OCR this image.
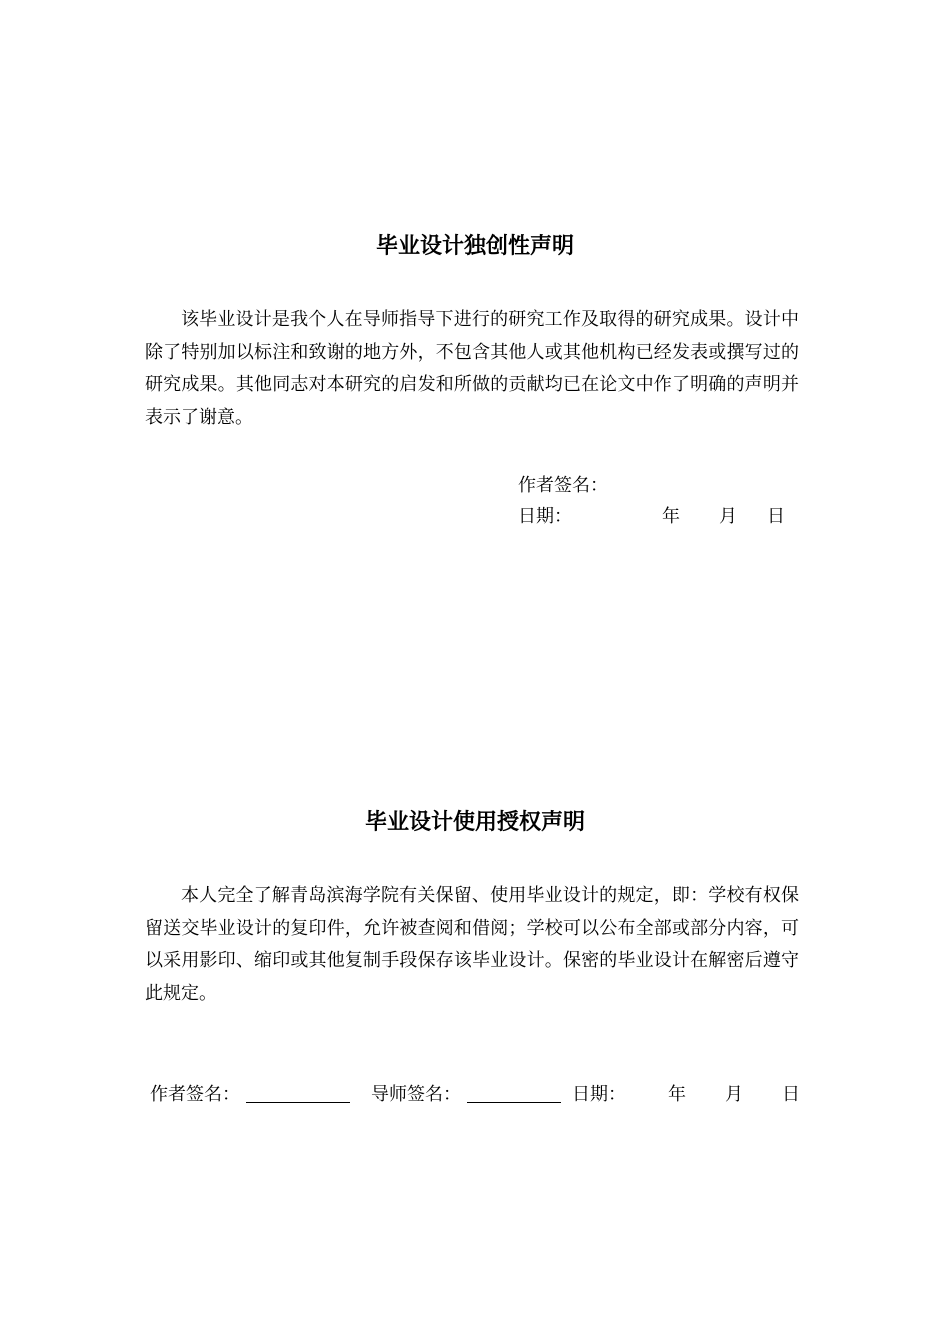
毕业设计独创性声明

该毕业设计是我个人在导师指导下进行的研究工作及取得的研究成果。设计中除了特别加以标注和致谢的地方外，不包含其他人或其他机构已经发表或撰写过的研究成果。其他同志对本研究的启发和所做的贡献均已在论文中作了明确的声明并表示了谢意。

作者签名：
日期：	年 月 日
毕业设计使用授权声明

本人完全了解青岛滨海学院有关保留、使用毕业设计的规定，即：学校有权保留送交毕业设计的复印件，允许被查阅和借阅；学校可以公布全部或部分内容，可以采用影印、缩印或其他复制手段保存该毕业设计。保密的毕业设计在解密后遵守此规定。

作者签名：	导师签名：	日期： 年 月 日
